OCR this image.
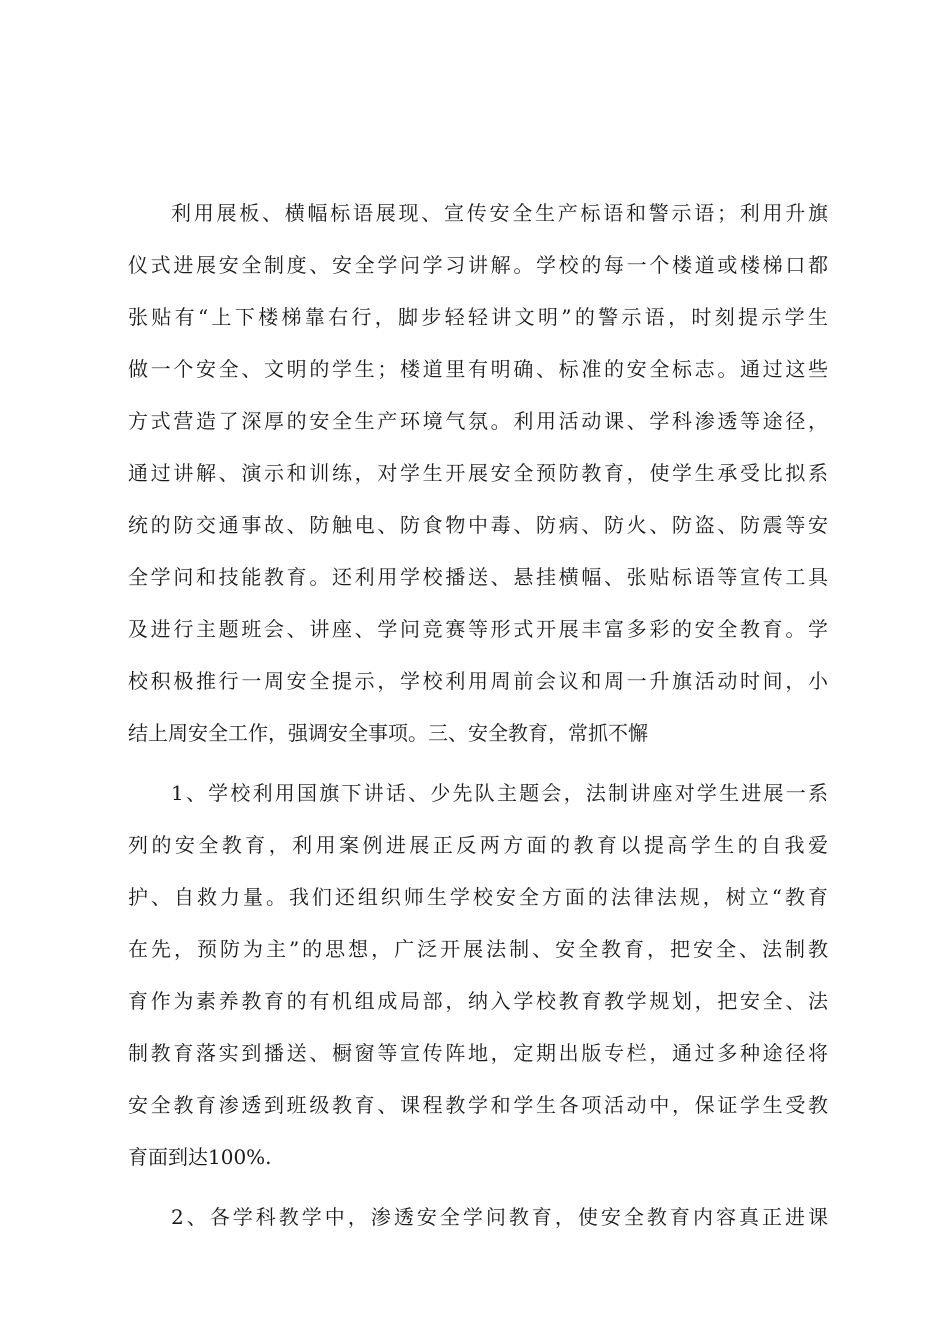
利用展板、横幅标语展现、宣传安全生产标语和警示语；利用升旗
仪式进展安全制度、安全学问学习讲解。学校的每一个楼道或楼梯口都
张贴有“上下楼梯靠右行，脚步轻轻讲文明”的警示语，时刻提示学生
做一个安全、文明的学生；楼道里有明确、标准的安全标志。通过这些
方式营造了深厚的安全生产环境气氛。利用活动课、学科渗透等途径，
通过讲解、演示和训练，对学生开展安全预防教育，使学生承受比拟系
统的防交通事故、防触电、防食物中毒、防病、防火、防盗、防震等安
全学问和技能教育。还利用学校播送、悬挂横幅、张贴标语等宣传工具
及进行主题班会、讲座、学问竞赛等形式开展丰富多彩的安全教育。学
校积极推行一周安全提示，学校利用周前会议和周一升旗活动时间，小
结上周安全工作，强调安全事项。三、安全教育，常抓不懈
1、学校利用国旗下讲话、少先队主题会，法制讲座对学生进展一系
列的安全教育，利用案例进展正反两方面的教育以提高学生的自我爱
护、自救力量。我们还组织师生学校安全方面的法律法规，树立“教育
在先，预防为主”的思想，广泛开展法制、安全教育，把安全、法制教
育作为素养教育的有机组成局部，纳入学校教育教学规划，把安全、法
制教育落实到播送、橱窗等宣传阵地，定期出版专栏，通过多种途径将
安全教育渗透到班级教育、课程教学和学生各项活动中，保证学生受教
育面到达100%.
2、各学科教学中，渗透安全学问教育，使安全教育内容真正进课
